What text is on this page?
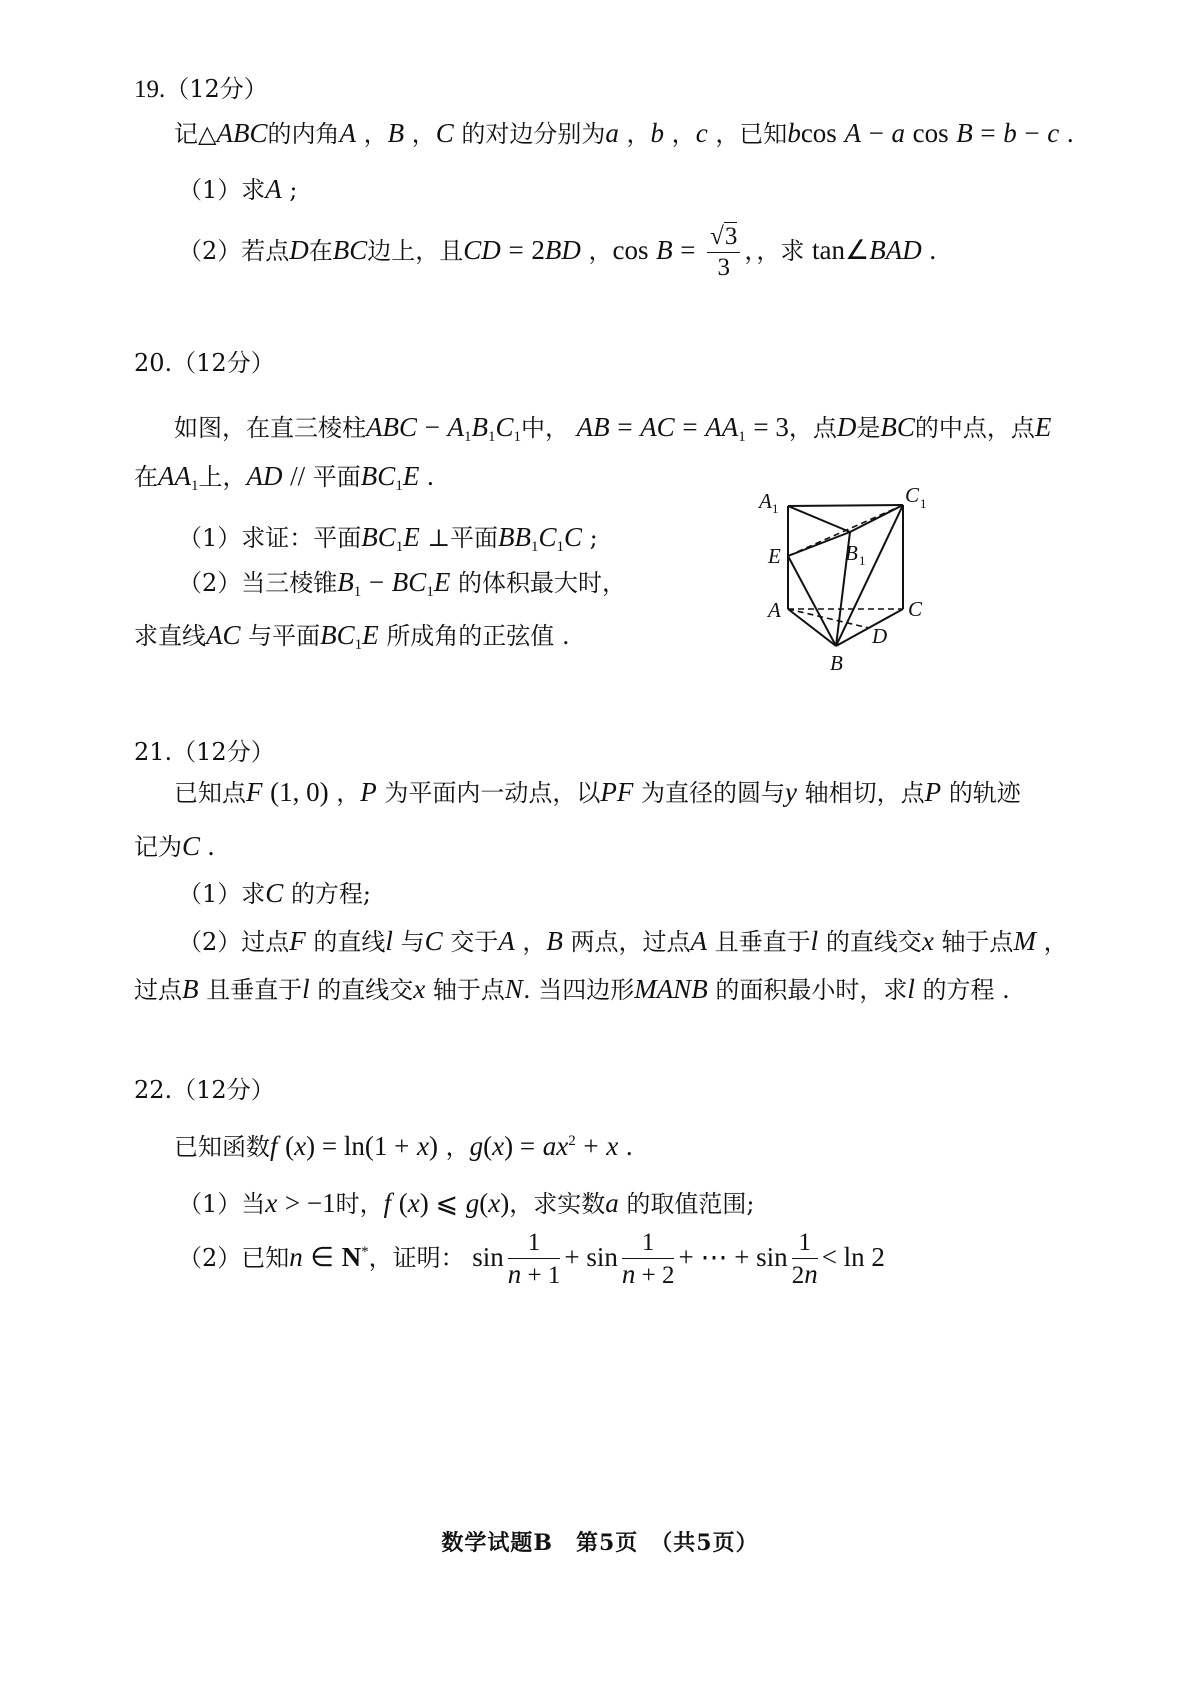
19.（12分）
记△ABC的内角A ，B ，C 的对边分别为a ，b ，c ，已知bcos A − a cos B = b − c .
（1）求A ;
（2）若点D在BC边上，且CD = 2BD ，$\cos B = \frac{√3}{3}$ ，，求 tan∠BAD .
20.（12分）
如图，在直三棱柱ABC − $A_1B_1C_1$中， AB = AC = $AA_1 = 3$，点D是BC的中点，点E
在$AA_1$上，AD // 平面$BC_1E$ .
（1）求证：平面$BC_1E$ ⊥平面$BB_1C_1C$ ;
（2）当三棱锥$B_1 - BC_1E$ 的体积最大时，
求直线AC 与平面$BC_1E$ 所成角的正弦值 .
A 1
C 1
B 1
E
A	C
D
B
21.（12分）
已知点F (1, 0) ，P 为平面内一动点，以PF 为直径的圆与y 轴相切，点P 的轨迹
记为C .
（1）求C 的方程;
（2）过点F 的直线l 与C 交于A ，B 两点，过点A 且垂直于l 的直线交x 轴于点M ，
过点B 且垂直于l 的直线交x 轴于点N. 当四边形MANB 的面积最小时，求l 的方程 .
22.（12分）
已知函数f (x) = ln(1 + x) ，$g(x) = ax^2 + x$ .
（1）当x > −1时，f (x) ⩽ g(x)，求实数a 的取值范围;
（2）已知n ∈ N*，证明： $\sin \frac{1}{n + 1} + \sin \frac{1}{n + 2}$ + ⋯ + $\sin \frac{1}{2n} < \ln 2$
数学试题B　第5页　（共5页）
